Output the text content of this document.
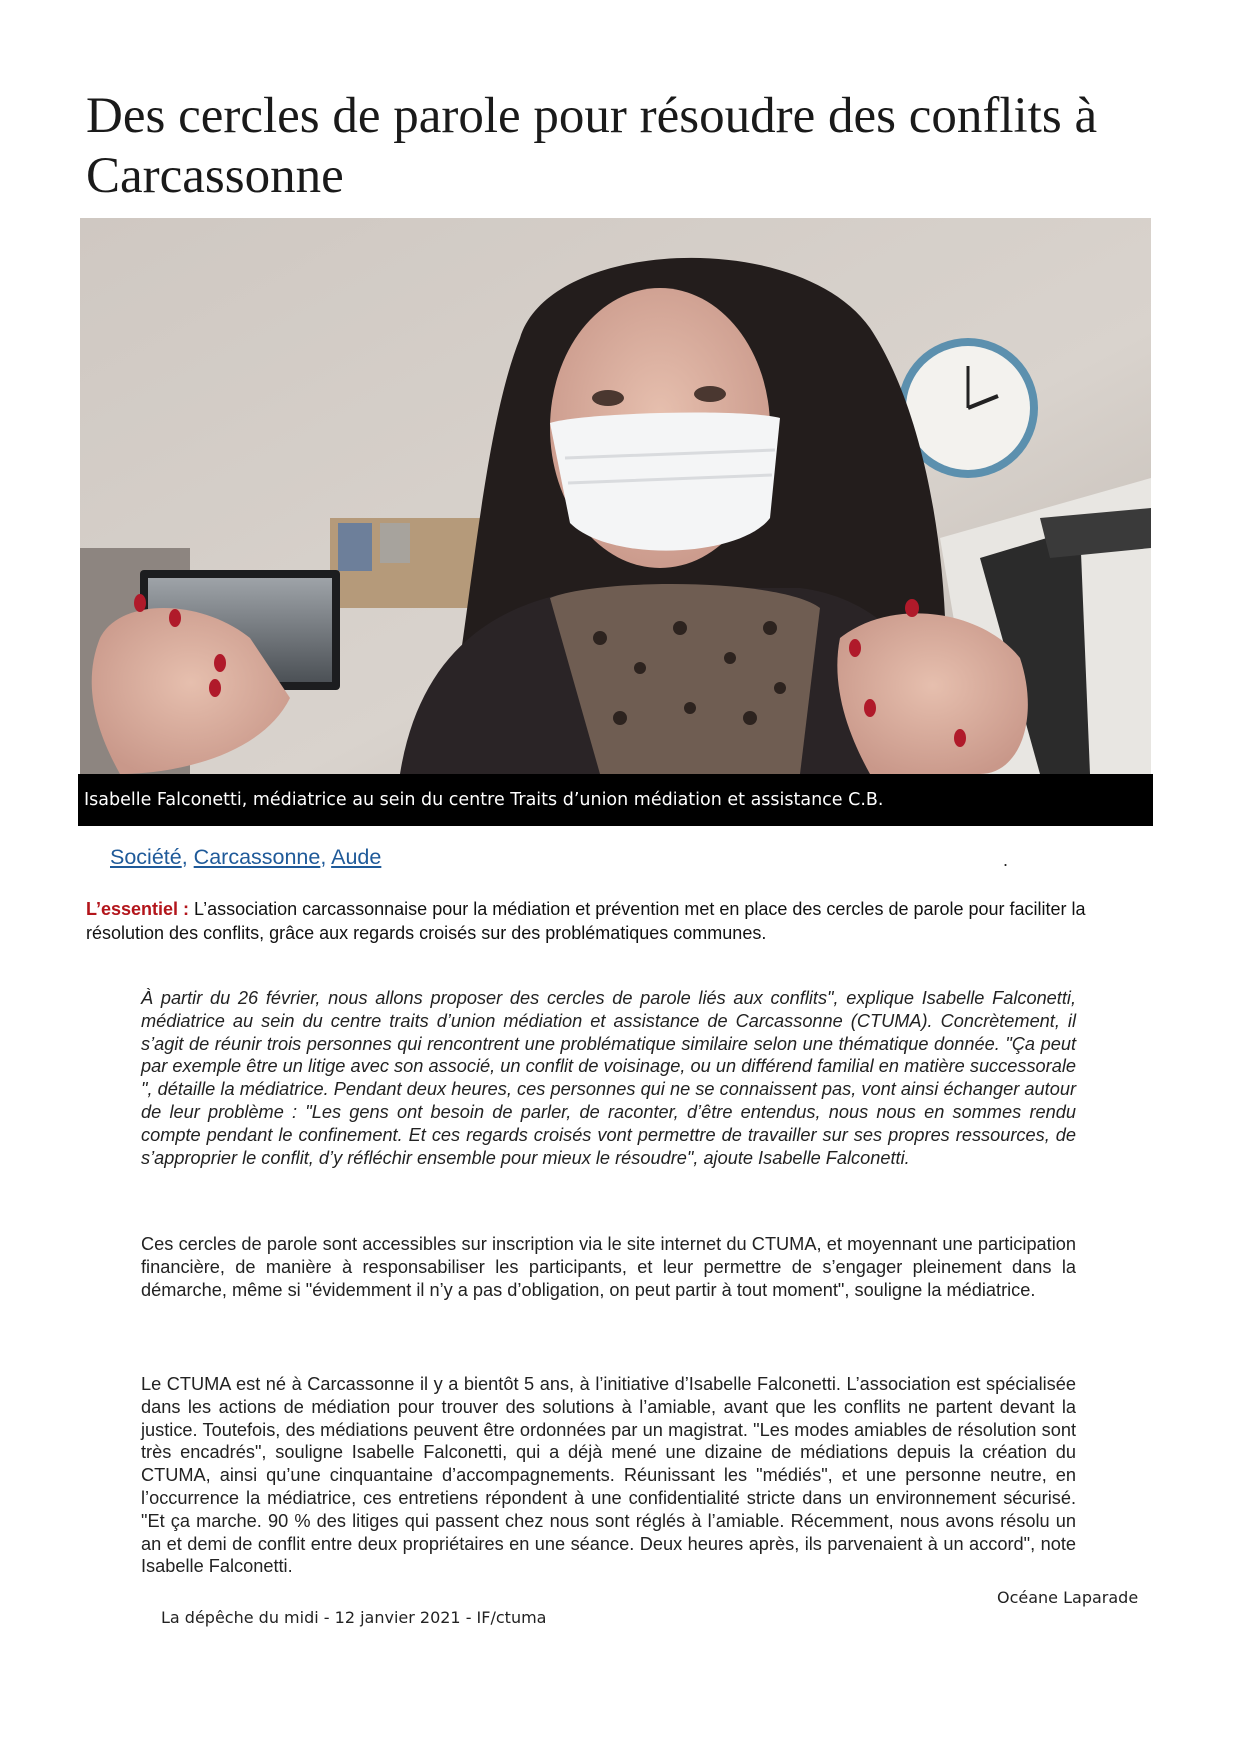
Des cercles de parole pour résoudre des conflits à Carcassonne
Isabelle Falconetti, médiatrice au sein du centre Traits d’union médiation et assistance C.B.
Société, Carcassonne, Aude	.
L’essentiel : L’association carcassonnaise pour la médiation et prévention met en place des cercles de parole pour faciliter la résolution des conflits, grâce aux regards croisés sur des problématiques communes.
À partir du 26 février, nous allons proposer des cercles de parole liés aux conflits", explique Isabelle Falconetti, médiatrice au sein du centre traits d’union médiation et assistance de Carcassonne (CTUMA). Concrètement, il s’agit de réunir trois personnes qui rencontrent une problématique similaire selon une thématique donnée. "Ça peut par exemple être un litige avec son associé, un conflit de voisinage, ou un différend familial en matière successorale ", détaille la médiatrice. Pendant deux heures, ces personnes qui ne se connaissent pas, vont ainsi échanger autour de leur problème : "Les gens ont besoin de parler, de raconter, d’être entendus, nous nous en sommes rendu compte pendant le confinement. Et ces regards croisés vont permettre de travailler sur ses propres ressources, de s’approprier le conflit, d’y réfléchir ensemble pour mieux le résoudre", ajoute Isabelle Falconetti.
Ces cercles de parole sont accessibles sur inscription via le site internet du CTUMA, et moyennant une participation financière, de manière à responsabiliser les participants, et leur permettre de s’engager pleinement dans la démarche, même si "évidemment il n’y a pas d’obligation, on peut partir à tout moment", souligne la médiatrice.
Le CTUMA est né à Carcassonne il y a bientôt 5 ans, à l’initiative d’Isabelle Falconetti. L’association est spécialisée dans les actions de médiation pour trouver des solutions à l’amiable, avant que les conflits ne partent devant la justice. Toutefois, des médiations peuvent être ordonnées par un magistrat. "Les modes amiables de résolution sont très encadrés", souligne Isabelle Falconetti, qui a déjà mené une dizaine de médiations depuis la création du CTUMA, ainsi qu’une cinquantaine d’accompagnements. Réunissant les "médiés", et une personne neutre, en l’occurrence la médiatrice, ces entretiens répondent à une confidentialité stricte dans un environnement sécurisé. "Et ça marche. 90 % des litiges qui passent chez nous sont réglés à l’amiable. Récemment, nous avons résolu un an et demi de conflit entre deux propriétaires en une séance. Deux heures après, ils parvenaient à un accord", note Isabelle Falconetti.
Océane Laparade
La dépêche du midi - 12 janvier 2021 - IF/ctuma
